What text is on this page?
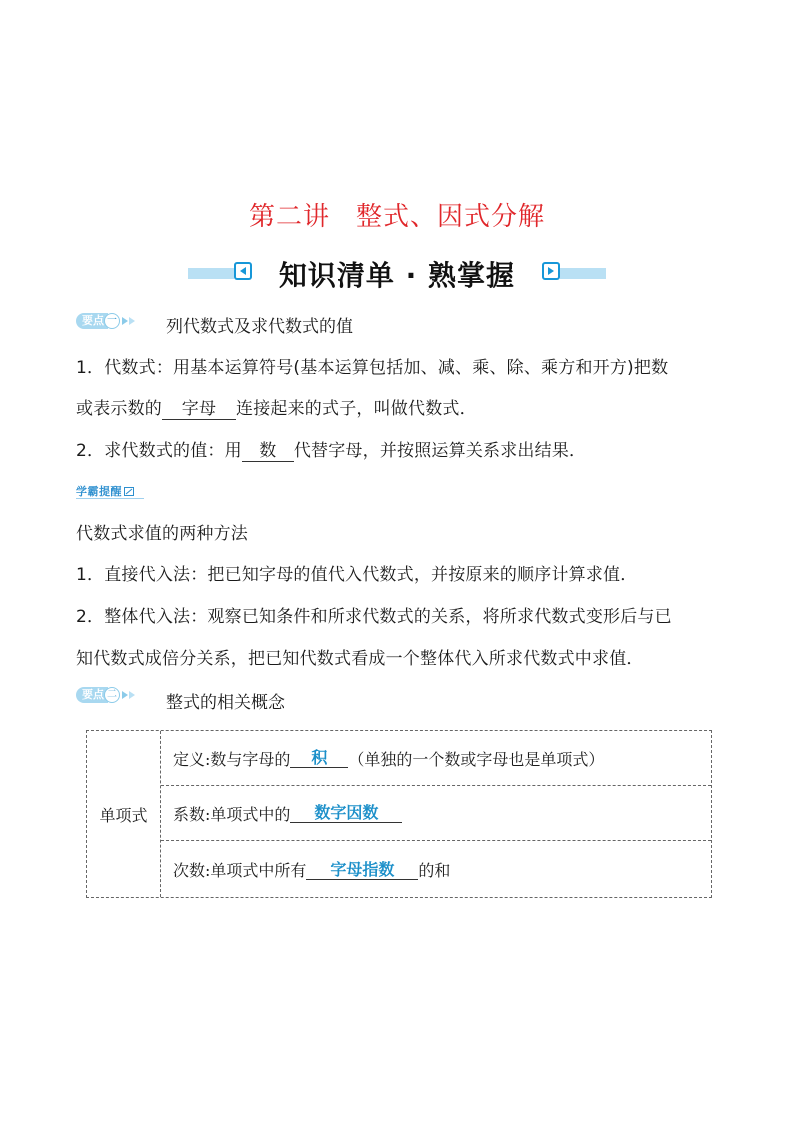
第二讲 整式、因式分解
知识清单 · 熟掌握
要点 一	列代数式及求代数式的值
1．代数式：用基本运算符号(基本运算包括加、减、乘、除、乘方和开方)把数
或表示数的 字母 连接起来的式子，叫做代数式．
2．求代数式的值：用 数 代替字母，并按照运算关系求出结果．
学霸提醒
代数式求值的两种方法
1．直接代入法：把已知字母的值代入代数式，并按原来的顺序计算求值．
2．整体代入法：观察已知条件和所求代数式的关系，将所求代数式变形后与已
知代数式成倍分关系，把已知代数式看成一个整体代入所求代数式中求值．
要点 二	整式的相关概念
单项式
定义:数与字母的	积	（单独的一个数或字母也是单项式）
系数:单项式中的	数字因数
次数:单项式中所有	字母指数	的和
